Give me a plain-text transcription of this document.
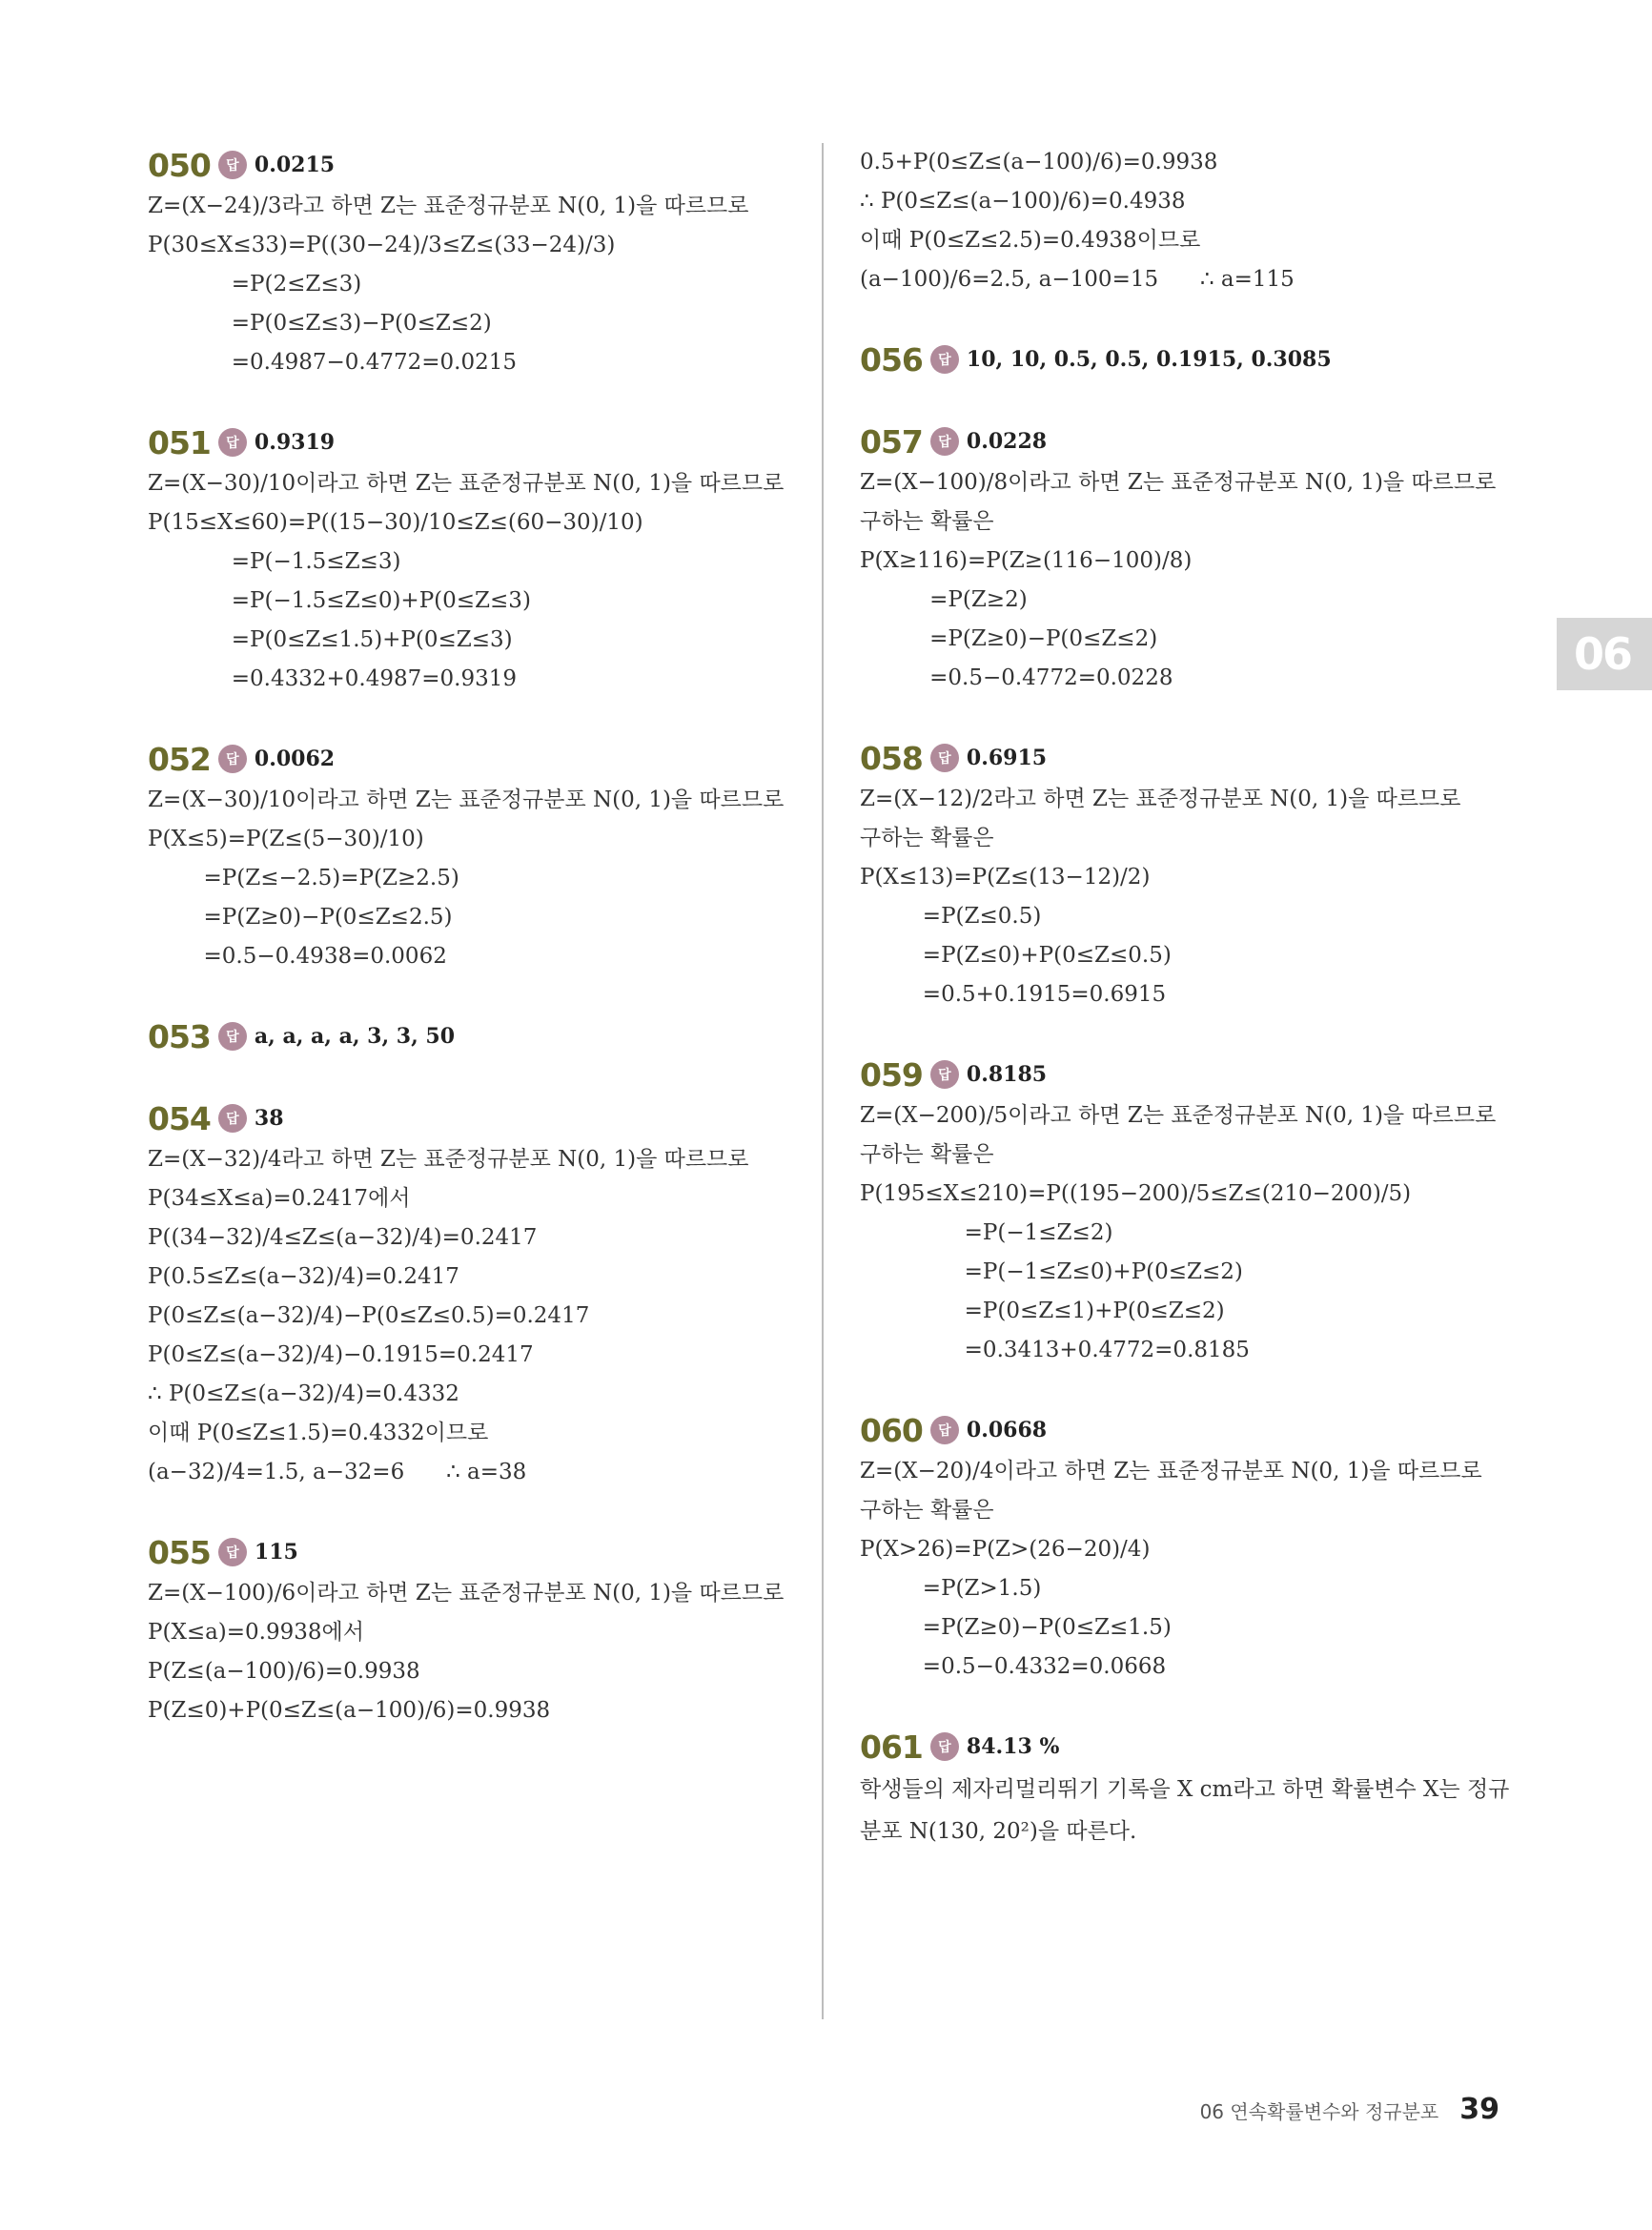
050	답 0.0215
Z=(X−24)/3라고 하면 Z는 표준정규분포 N(0, 1)을 따르므로
P(30≤X≤33)=P((30−24)/3≤Z≤(33−24)/3)
=P(2≤Z≤3)
=P(0≤Z≤3)−P(0≤Z≤2)
=0.4987−0.4772=0.0215
051	답 0.9319
Z=(X−30)/10이라고 하면 Z는 표준정규분포 N(0, 1)을 따르므로
P(15≤X≤60)=P((15−30)/10≤Z≤(60−30)/10)
=P(−1.5≤Z≤3)
=P(−1.5≤Z≤0)+P(0≤Z≤3)
=P(0≤Z≤1.5)+P(0≤Z≤3)
=0.4332+0.4987=0.9319
052	답 0.0062
Z=(X−30)/10이라고 하면 Z는 표준정규분포 N(0, 1)을 따르므로
P(X≤5)=P(Z≤(5−30)/10)
=P(Z≤−2.5)=P(Z≥2.5)
=P(Z≥0)−P(0≤Z≤2.5)
=0.5−0.4938=0.0062
053	답 a, a, a, a, 3, 3, 50
054	답 38
Z=(X−32)/4라고 하면 Z는 표준정규분포 N(0, 1)을 따르므로
P(34≤X≤a)=0.2417에서
P((34−32)/4≤Z≤(a−32)/4)=0.2417
P(0.5≤Z≤(a−32)/4)=0.2417
P(0≤Z≤(a−32)/4)−P(0≤Z≤0.5)=0.2417
P(0≤Z≤(a−32)/4)−0.1915=0.2417
∴ P(0≤Z≤(a−32)/4)=0.4332
이때 P(0≤Z≤1.5)=0.4332이므로
(a−32)/4=1.5, a−32=6      ∴ a=38
055	답 115
Z=(X−100)/6이라고 하면 Z는 표준정규분포 N(0, 1)을 따르므로
P(X≤a)=0.9938에서
P(Z≤(a−100)/6)=0.9938
P(Z≤0)+P(0≤Z≤(a−100)/6)=0.9938
0.5+P(0≤Z≤(a−100)/6)=0.9938
∴ P(0≤Z≤(a−100)/6)=0.4938
이때 P(0≤Z≤2.5)=0.4938이므로
(a−100)/6=2.5, a−100=15      ∴ a=115
056	답 10, 10, 0.5, 0.5, 0.1915, 0.3085
057	답 0.0228
Z=(X−100)/8이라고 하면 Z는 표준정규분포 N(0, 1)을 따르므로
구하는 확률은
P(X≥116)=P(Z≥(116−100)/8)
=P(Z≥2)
=P(Z≥0)−P(0≤Z≤2)
=0.5−0.4772=0.0228
058	답 0.6915
Z=(X−12)/2라고 하면 Z는 표준정규분포 N(0, 1)을 따르므로
구하는 확률은
P(X≤13)=P(Z≤(13−12)/2)
=P(Z≤0.5)
=P(Z≤0)+P(0≤Z≤0.5)
=0.5+0.1915=0.6915
059	답 0.8185
Z=(X−200)/5이라고 하면 Z는 표준정규분포 N(0, 1)을 따르므로
구하는 확률은
P(195≤X≤210)=P((195−200)/5≤Z≤(210−200)/5)
=P(−1≤Z≤2)
=P(−1≤Z≤0)+P(0≤Z≤2)
=P(0≤Z≤1)+P(0≤Z≤2)
=0.3413+0.4772=0.8185
060	답 0.0668
Z=(X−20)/4이라고 하면 Z는 표준정규분포 N(0, 1)을 따르므로
구하는 확률은
P(X>26)=P(Z>(26−20)/4)
=P(Z>1.5)
=P(Z≥0)−P(0≤Z≤1.5)
=0.5−0.4332=0.0668
061	답 84.13 %
학생들의 제자리멀리뛰기 기록을 X cm라고 하면 확률변수 X는 정규분포 N(130, 20²)을 따른다.
06
06 연속확률변수와 정규분포 39
